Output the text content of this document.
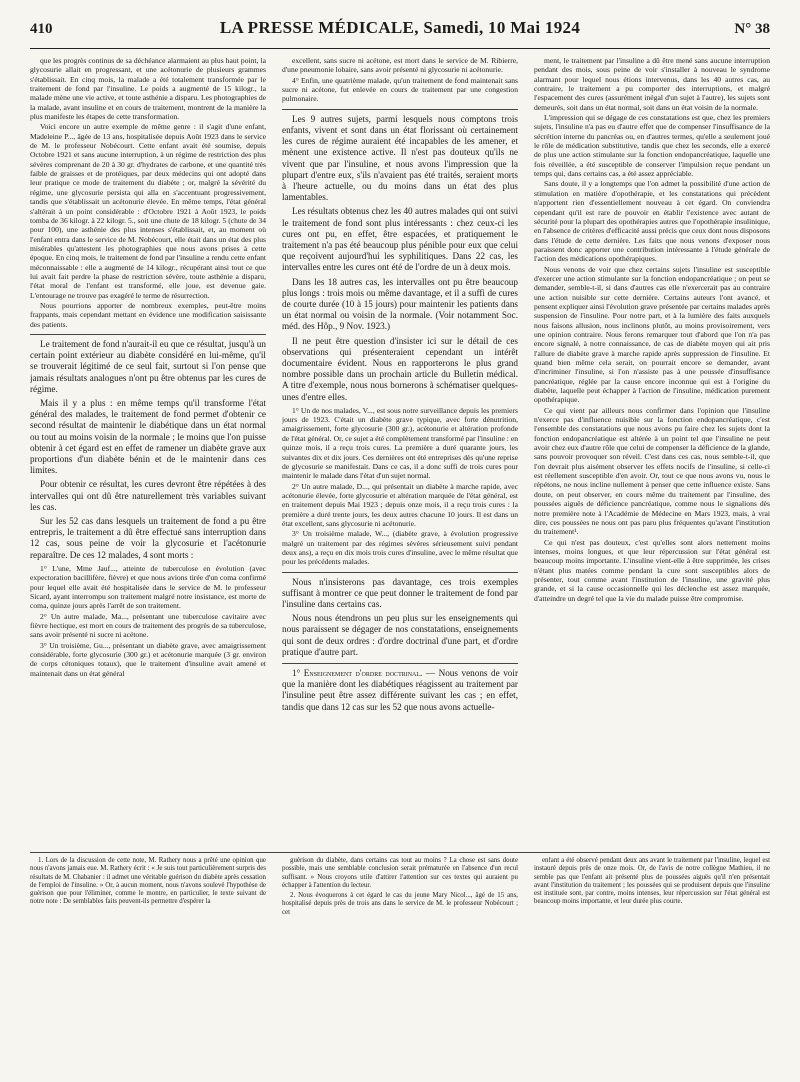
410	LA PRESSE MÉDICALE, Samedi, 10 Mai 1924	N° 38

que les progrès continus de sa déchéance alarmaient au plus haut point, la glycosurie allait en progressant, et une acétonurie de plusieurs grammes s'établissait. En cinq mois, la malade a été totalement transformée par le traitement de fond par l'insuline. Le poids a augmenté de 15 kilogr., la malade mène une vie active, et toute asthénie a disparu. Les photographies de la malade, avant insuline et en cours de traitement, montrent de la manière la plus manifeste les étapes de cette transformation.

Voici encore un autre exemple de même genre : il s'agit d'une enfant, Madeleine P..., âgée de 13 ans, hospitalisée depuis Août 1923 dans le service de M. le professeur Nobécourt. Cette enfant avait été soumise, depuis Octobre 1921 et sans aucune interruption, à un régime de restriction des plus sévères comprenant de 20 à 30 gr. d'hydrates de carbone, et une quantité très faible de graisses et de protéiques, par deux médecins qui ont adopté dans leur pratique ce mode de traitement du diabète ; or, malgré la sévérité du régime, une glycosurie persista qui alla en s'accentuant progressivement, tandis que s'établissait un acétonurie élevée. En même temps, l'état général s'altérait à un point considérable : d'Octobre 1921 à Août 1923, le poids tomba de 36 kilogr. à 22 kilogr. 5., soit une chute de 18 kilogr. 5 (chute de 34 pour 100), une asthénie des plus intenses s'établissait, et, au moment où l'enfant entra dans le service de M. Nobécourt, elle était dans un état des plus misérables qu'attestent les photographies que nous avons prises à cette époque. En cinq mois, le traitement de fond par l'insuline a rendu cette enfant méconnaissable : elle a augmenté de 14 kilogr., récupérant ainsi tout ce que lui avait fait perdre la phase de restriction sévère, toute asthénie a disparu, l'état moral de l'enfant est transformé, elle joue, est devenue gaie. L'entourage ne trouve pas exagéré le terme de résurrection.

Nous pourrions apporter de nombreux exemples, peut-être moins frappants, mais cependant mettant en évidence une modification saisissante des patients.

Le traitement de fond n'aurait-il eu que ce résultat, jusqu'à un certain point extérieur au diabète considéré en lui-même, qu'il se trouverait légitimé de ce seul fait, surtout si l'on pense que jamais résultats analogues n'ont pu être obtenus par les cures de régime.

Mais il y a plus : en même temps qu'il transforme l'état général des malades, le traitement de fond permet d'obtenir ce second résultat de maintenir le diabétique dans un état normal ou tout au moins voisin de la normale ; le moins que l'on puisse obtenir à cet égard est en effet de ramener un diabète grave aux proportions d'un diabète bénin et de le maintenir dans ces limites.

Pour obtenir ce résultat, les cures devront être répétées à des intervalles qui ont dû être naturellement très variables suivant les cas.

Sur les 52 cas dans lesquels un traitement de fond a pu être entrepris, le traitement a dû être effectué sans interruption dans 12 cas, sous peine de voir la glycosurie et l'acétonurie reparaître. De ces 12 malades, 4 sont morts :

1° L'une, Mme Jauf..., atteinte de tuberculose en évolution (avec expectoration bacillifère, fièvre) et que nous avions tirée d'un coma confirmé pour lequel elle avait été hospitalisée dans le service de M. le professeur Sicard, ayant interrompu son traitement malgré notre insistance, est morte de coma, quinze jours après l'arrêt de son traitement.

2° Un autre malade, Ma..., présentant une tuberculose cavitaire avec fièvre hectique, est mort en cours de traitement des progrès de sa tuberculose, sans avoir présenté ni sucre ni acétone.

3° Un troisième, Gu..., présentant un diabète grave, avec amaigrissement considérable, forte glycosurie (300 gr.) et acétonurie marquée (3 gr. environ de corps cétoniques totaux), que le traitement d'insuline avait amené et maintenait dans un état général

excellent, sans sucre ni acétone, est mort dans le service de M. Ribierre, d'une pneumonie lobaire, sans avoir présenté ni glycosurie ni acétonurie.

4° Enfin, une quatrième malade, qu'un traitement de fond maintenait sans sucre ni acétone, fut enlevée en cours de traitement par une congestion pulmonaire.

Les 9 autres sujets, parmi lesquels nous comptons trois enfants, vivent et sont dans un état florissant où certainement les cures de régime auraient été incapables de les amener, et mènent une existence active. Il n'est pas douteux qu'ils ne vivent que par l'insuline, et nous avons l'impression que la plupart d'entre eux, s'ils n'avaient pas été traités, seraient morts à l'heure actuelle, ou du moins dans un état des plus lamentables.

Les résultats obtenus chez les 40 autres malades qui ont suivi le traitement de fond sont plus intéressants : chez ceux-ci les cures ont pu, en effet, être espacées, et pratiquement le traitement n'a pas été beaucoup plus pénible pour eux que celui que reçoivent aujourd'hui les syphilitiques. Dans 22 cas, les intervalles entre les cures ont été de l'ordre de un à deux mois.

Dans les 18 autres cas, les intervalles ont pu être beaucoup plus longs : trois mois ou même davantage, et il a suffi de cures de courte durée (10 à 15 jours) pour maintenir les patients dans un état normal ou voisin de la normale. (Voir notamment Soc. méd. des Hôp., 9 Nov. 1923.)

Il ne peut être question d'insister ici sur le détail de ces observations qui présenteraient cependant un intérêt documentaire évident. Nous en rapporterons le plus grand nombre possible dans un prochain article du Bulletin médical. A titre d'exemple, nous nous bornerons à schématiser quelques-unes d'entre elles.

1° Un de nos malades, V..., est sous notre surveillance depuis les premiers jours de 1923. C'était un diabète grave typique, avec forte dénutrition, amaigrissement, forte glycosurie (300 gr.), acétonurie et altération profonde de l'état général. Or, ce sujet a été complètement transformé par l'insuline : en quinze mois, il a reçu trois cures. La première a duré quarante jours, les suivantes dix et dix jours. Ces dernières ont été entreprises dès qu'une reprise de glycosurie se manifestait. Dans ce cas, il a donc suffi de trois cures pour maintenir le malade dans l'état d'un sujet normal.

2° Un autre malade, D..., qui présentait un diabète à marche rapide, avec acétonurie élevée, forte glycosurie et altération marquée de l'état général, est en traitement depuis Mai 1923 ; depuis onze mois, il a reçu trois cures : la première a duré trente jours, les deux autres chacune 10 jours. Il est dans un état excellent, sans glycosurie ni acétonurie.

3° Un troisième malade, W..., (diabète grave, à évolution progressive malgré un traitement par des régimes sévères sérieusement suivi pendant deux ans), a reçu en dix mois trois cures d'insuline, avec le même résultat que pour les précédents malades.

Nous n'insisterons pas davantage, ces trois exemples suffisant à montrer ce que peut donner le traitement de fond par l'insuline dans certains cas.

Nous nous étendrons un peu plus sur les enseignements qui nous paraissent se dégager de nos constatations, enseignements qui sont de deux ordres : d'ordre doctrinal d'une part, et d'ordre pratique d'autre part.

1° Enseignement d'ordre doctrinal. — Nous venons de voir que la manière dont les diabétiques réagissent au traitement par l'insuline peut être assez différente suivant les cas ; en effet, tandis que dans 12 cas sur les 52 que nous avons actuelle-

ment, le traitement par l'insuline a dû être mené sans aucune interruption pendant des mois, sous peine de voir s'installer à nouveau le syndrome alarmant pour lequel nous étions intervenus, dans les 40 autres cas, au contraire, le traitement a pu comporter des interruptions, et malgré l'espacement des cures (assurément inégal d'un sujet à l'autre), les sujets sont demeurés, soit dans un état normal, soit dans un état voisin de la normale.

L'impression qui se dégage de ces constatations est que, chez les premiers sujets, l'insuline n'a pas eu d'autre effet que de compenser l'insuffisance de la sécrétion interne du pancréas ou, en d'autres termes, qu'elle a seulement joué le rôle de médication substitutive, tandis que chez les seconds, elle a exercé de plus une action stimulante sur la fonction endopancréatique, laquelle une fois réveillée, a été susceptible de conserver l'impulsion reçue pendant un temps qui, dans certains cas, a été assez appréciable.

Sans doute, il y a longtemps que l'on admet la possibilité d'une action de stimulation en matière d'opothérapie, et les constatations qui précèdent n'apportent rien d'essentiellement nouveau à cet égard. On conviendra cependant qu'il est rare de pouvoir en établir l'existence avec autant de sécurité pour la plupart des opothérapies autres que l'opothérapie insulinique, en l'absence de critères d'efficacité aussi précis que ceux dont nous disposons dans l'étude de cette dernière. Les faits que nous venons d'exposer nous paraissent donc apporter une contribution intéressante à l'étude générale de l'action des médications opothérapiques.

Nous venons de voir que chez certains sujets l'insuline est susceptible d'exercer une action stimulante sur la fonction endopancréatique ; on peut se demander, semble-t-il, si dans d'autres cas elle n'exercerait pas au contraire une action nuisible sur cette dernière. Certains auteurs l'ont avancé, et pensent expliquer ainsi l'évolution grave présentée par certains malades après suspension de l'insuline. Pour notre part, et à la lumière des faits auxquels nous faisons allusion, nous inclinons plutôt, au moins provisoirement, vers une opinion contraire. Nous ferons remarquer tout d'abord que l'on n'a pas encore signalé, à notre connaissance, de cas de diabète moyen qui ait pris l'allure de diabète grave à marche rapide après suppression de l'insuline. Et quand bien même cela serait, on pourrait encore se demander, avant d'incriminer l'insuline, si l'on n'assiste pas à une poussée d'insuffisance pancréatique, réglée par la cause encore inconnue qui est à l'origine du diabète, laquelle peut échapper à l'action de l'insuline, médication purement opothérapique.

Ce qui vient par ailleurs nous confirmer dans l'opinion que l'insuline n'exerce pas d'influence nuisible sur la fonction endopancréatique, c'est l'ensemble des constatations que nous avons pu faire chez les sujets dont la fonction endopancréatique est altérée à un point tel que l'insuline ne peut avoir chez eux d'autre rôle que celui de compenser la déficience de la glande, sans pouvoir provoquer son réveil. C'est dans ces cas, nous semble-t-il, que l'on devrait plus aisément observer les effets nocifs de l'insuline, si celle-ci est réellement susceptible d'en avoir. Or, tout ce que nous avons vu, nous le répétons, ne nous incline nullement à penser que cette influence existe. Sans doute, on peut observer, en cours même du traitement par l'insuline, des poussées aiguës de déficience pancréatique, comme nous le signalions dès notre première note à l'Académie de Médecine en Mars 1923, mais, à vrai dire, ces poussées ne nous ont pas paru plus fréquentes qu'avant l'institution du traitement¹.

Ce qui n'est pas douteux, c'est qu'elles sont alors nettement moins intenses, moins longues, et que leur répercussion sur l'état général est beaucoup moins importante. L'insuline vient-elle à être supprimée, les crises n'étant plus matées comme pendant la cure sont susceptibles alors de présenter, tout comme avant l'institution de l'insuline, une gravité plus grande, et si la cause occasionnelle qui les déclenche est assez marquée, d'atteindre un degré tel que la vie du malade puisse être compromise.

1. Lors de la discussion de cette note, M. Rathery nous a prêté une opinion que nous n'avons jamais eue. M. Rathery écrit : « Je suis tout particulièrement surpris des résultats de M. Chabanier : il admet une véritable guérison du diabète après cessation de l'emploi de l'insuline. » Or, à aucun moment, nous n'avons soulevé l'hypothèse de guérison que pour l'éliminer, comme le montre, en particulier, le texte suivant de notre note : De semblables faits peuvent-ils permettre d'espérer la

guérison du diabète, dans certains cas tout au moins ? La chose est sans doute possible, mais une semblable conclusion serait prématurée en l'absence d'un recul suffisant. » Nous croyons utile d'attirer l'attention sur ces textes qui auraient pu échapper à l'attention du lecteur.

2. Nous évoquerons à cet égard le cas du jeune Mary Nicol..., âgé de 15 ans, hospitalisé depuis près de trois ans dans le service de M. le professeur Nobécourt ; cet

enfant a été observé pendant deux ans avant le traitement par l'insuline, lequel est instauré depuis près de onze mois. Or, de l'avis de notre collègue Mathieu, il ne semble pas que l'enfant ait présenté plus de poussées aiguës qu'il n'en présentait avant l'institution du traitement ; les poussées qui se produisent depuis que l'insuline est instituée sont, par contre, moins intenses, leur répercussion sur l'état général est beaucoup moins importante, et leur durée plus courte.
